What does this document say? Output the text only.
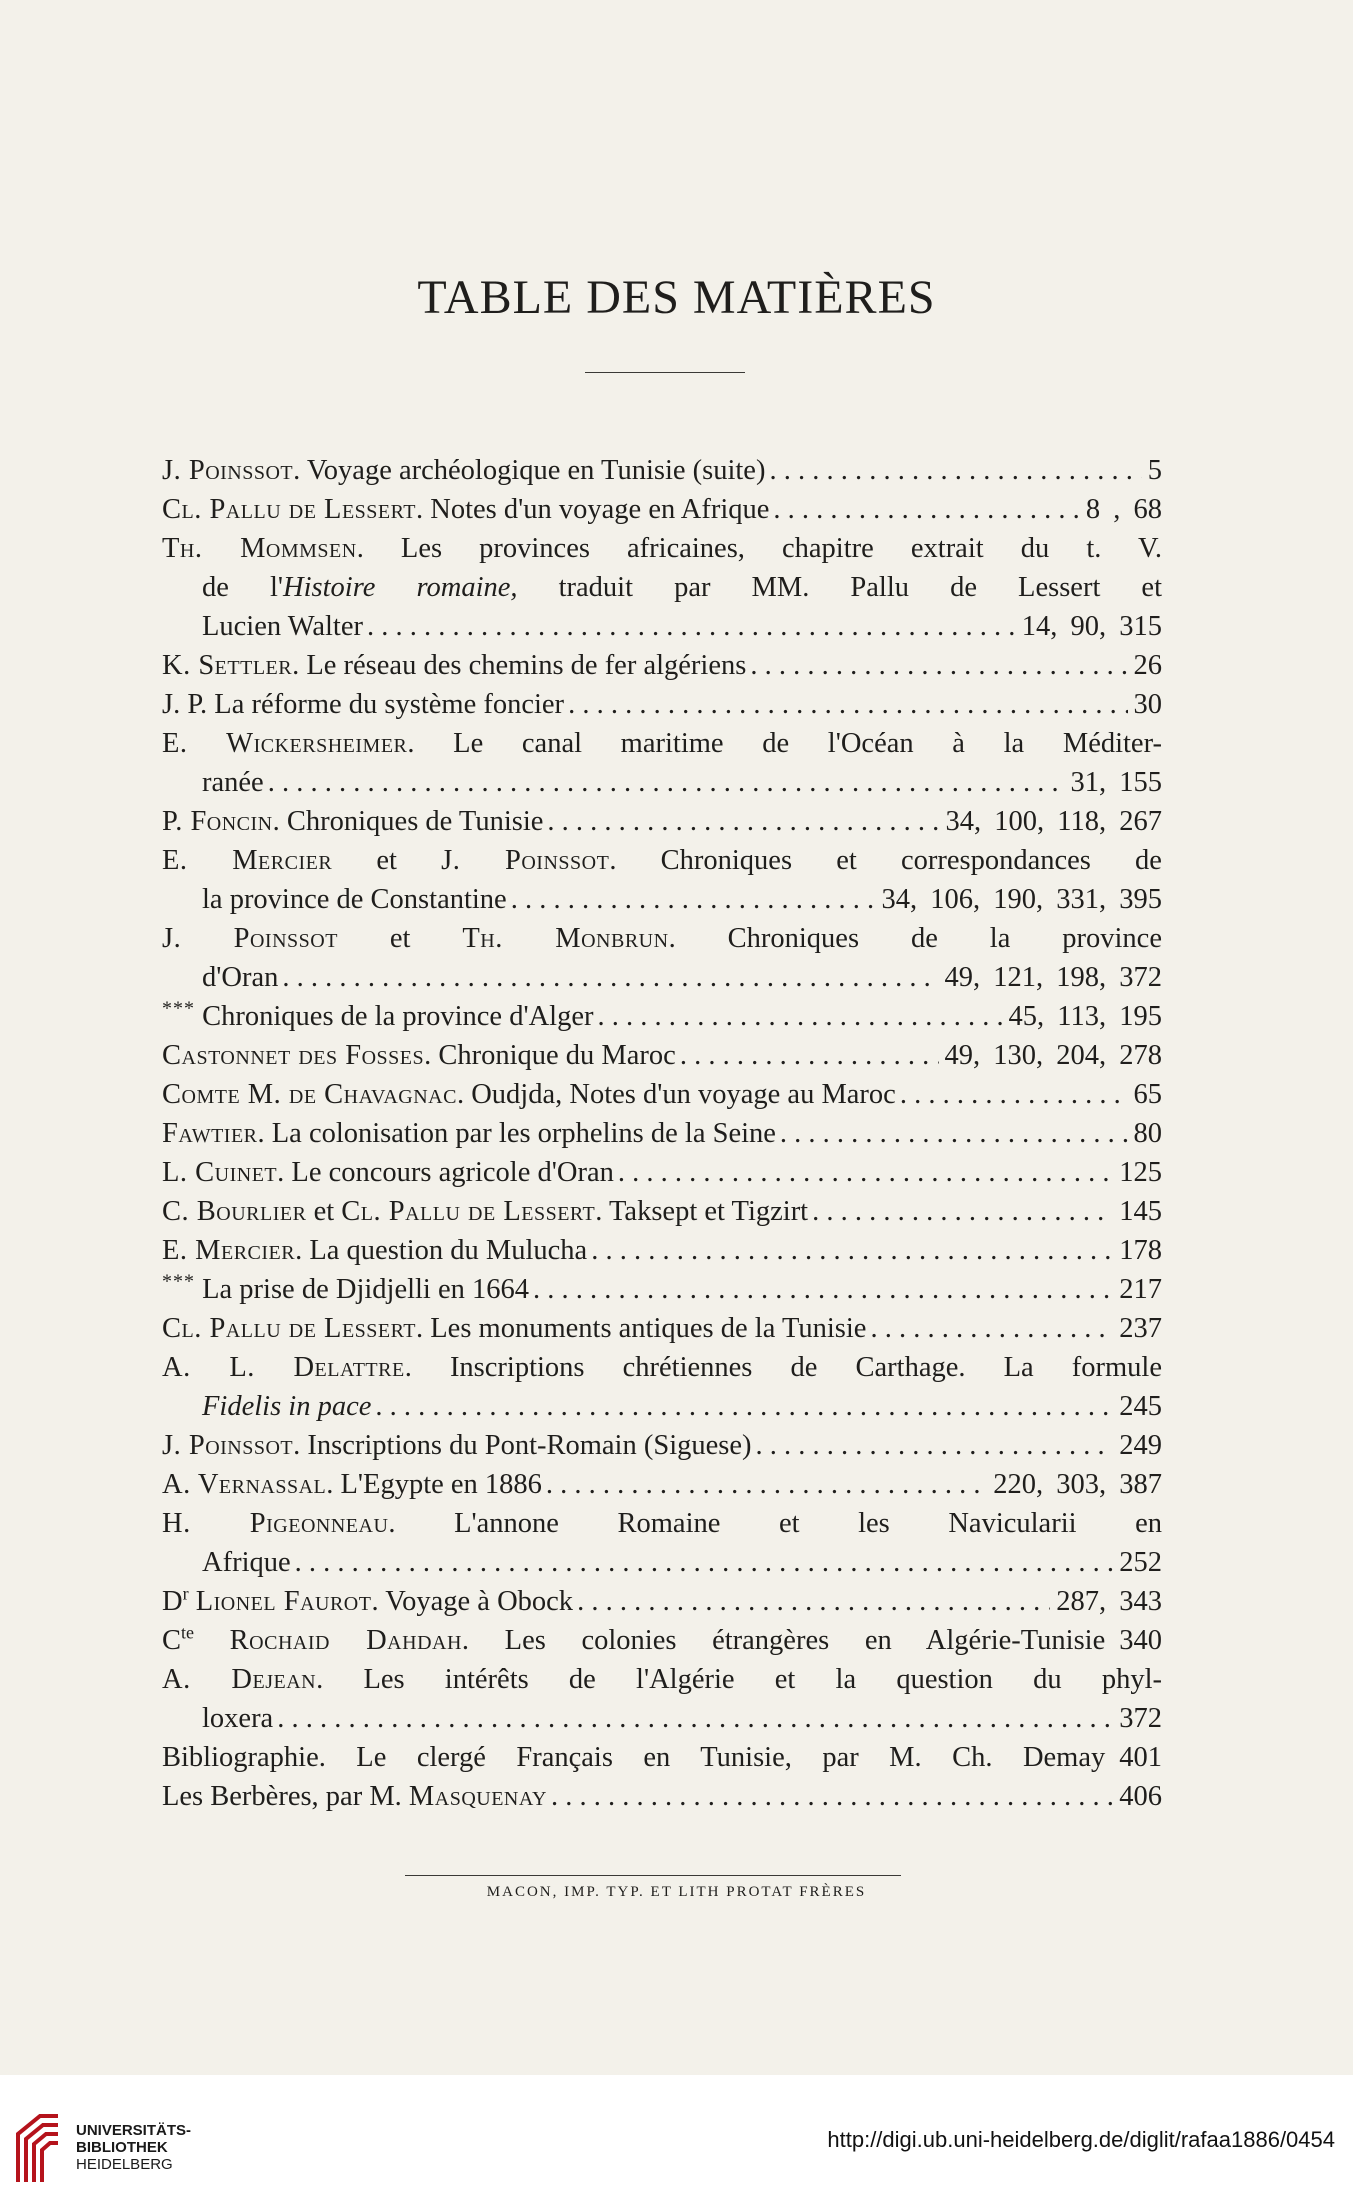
TABLE DES MATIÈRES
J. Poinssot. Voyage archéologique en Tunisie (suite) . . .	5
Cl. Pallu de Lessert. Notes d'un voyage en Afrique . . .	8 , 68
Th. Mommsen. Les provinces africaines, chapitre extrait du t. V.
de l'Histoire romaine, traduit par MM. Pallu de Lessert et
Lucien Walter . . .	14, 90, 315
K. Settler. Le réseau des chemins de fer algériens . . .	26
J. P. La réforme du système foncier . . .	30
E. Wickersheimer. Le canal maritime de l'Océan à la Méditer-
ranée . . .	31, 155
P. Foncin. Chroniques de Tunisie . . .	34, 100, 118, 267
E. Mercier et J. Poinssot. Chroniques et correspondances de
la province de Constantine . . .	34, 106, 190, 331, 395
J. Poinssot et Th. Monbrun. Chroniques de la province
d'Oran . . .	49, 121, 198, 372
*** Chroniques de la province d'Alger . . .	45, 113, 195
Castonnet des Fosses. Chronique du Maroc . . .	49, 130, 204, 278
Comte M. de Chavagnac. Oudjda, Notes d'un voyage au Maroc . . .	65
Fawtier. La colonisation par les orphelins de la Seine . . .	80
L. Cuinet. Le concours agricole d'Oran . . .	125
C. Bourlier et Cl. Pallu de Lessert. Taksept et Tigzirt . . .	145
E. Mercier. La question du Mulucha . . .	178
*** La prise de Djidjelli en 1664 . . .	217
Cl. Pallu de Lessert. Les monuments antiques de la Tunisie . . .	237
A. L. Delattre. Inscriptions chrétiennes de Carthage. La formule
Fidelis in pace . . .	245
J. Poinssot. Inscriptions du Pont-Romain (Siguese) . . .	249
A. Vernassal. L'Egypte en 1886 . . .	220, 303, 387
H. Pigeonneau. L'annone Romaine et les Navicularii en
Afrique . . .	252
$D^r$ Lionel Faurot. Voyage à Obock . . .	287, 343
$C^{te}$ Rochaid Dahdah. Les colonies étrangères en Algérie-Tunisie 340
A. Dejean. Les intérêts de l'Algérie et la question du phyl-
loxera . . .	372
Bibliographie. Le clergé Français en Tunisie, par M. Ch. Demay 401
Les Berbères, par M. Masquenay . . .	406
MACON, IMP. TYP. ET LITH PROTAT FRÈRES
UNIVERSITÄTS-
BIBLIOTHEK
HEIDELBERG
http://digi.ub.uni-heidelberg.de/diglit/rafaa1886/0454
